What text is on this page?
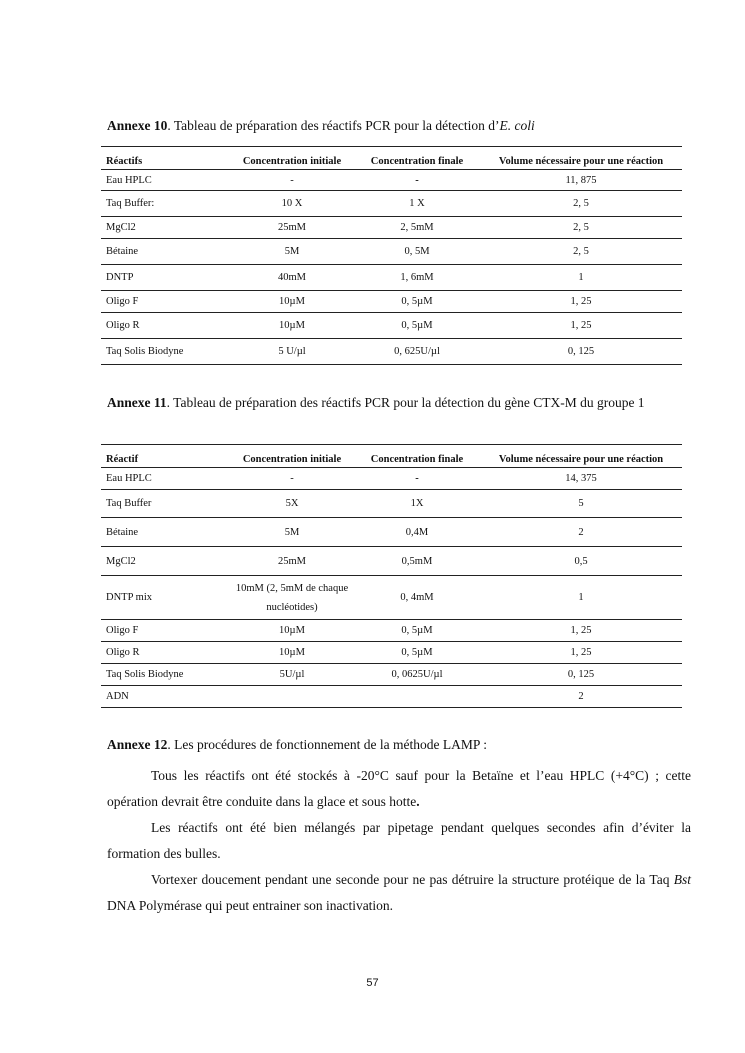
Annexe 10. Tableau de préparation des réactifs PCR pour la détection d’E. coli

Réactifs	Concentration initiale	Concentration finale	Volume nécessaire pour une réaction
Eau HPLC	-	-	11, 875
Taq Buffer:	10 X	1 X	2, 5
MgCl2	25mM	2, 5mM	2, 5
Bétaine	5M	0, 5M	2, 5
DNTP	40mM	1, 6mM	1
Oligo F	10µM	0, 5µM	1, 25
Oligo R	10µM	0, 5µM	1, 25
Taq Solis Biodyne	5 U/µl	0, 625U/µl	0, 125

Annexe 11. Tableau de préparation des réactifs PCR pour la détection du gène CTX-M du groupe 1

Réactif	Concentration initiale	Concentration finale	Volume nécessaire pour une réaction
Eau HPLC	-	-	14, 375
Taq Buffer	5X	1X	5
Bétaine	5M	0,4M	2
MgCl2	25mM	0,5mM	0,5
DNTP mix	10mM (2, 5mM de chaque nucléotides)	0, 4mM	1
Oligo F	10µM	0, 5µM	1, 25
Oligo R	10µM	0, 5µM	1, 25
Taq Solis Biodyne	5U/µl	0, 0625U/µl	0, 125
ADN			2

Annexe 12. Les procédures de fonctionnement de la méthode LAMP :

Tous les réactifs ont été stockés à -20°C sauf pour la Betaïne et l’eau HPLC (+4°C) ; cette opération devrait être conduite dans la glace et sous hotte.

Les réactifs ont été bien mélangés par pipetage pendant quelques secondes afin d’éviter la formation des bulles.

Vortexer doucement pendant une seconde pour ne pas détruire la structure protéique de la Taq Bst DNA Polymérase qui peut entrainer son inactivation.

57
